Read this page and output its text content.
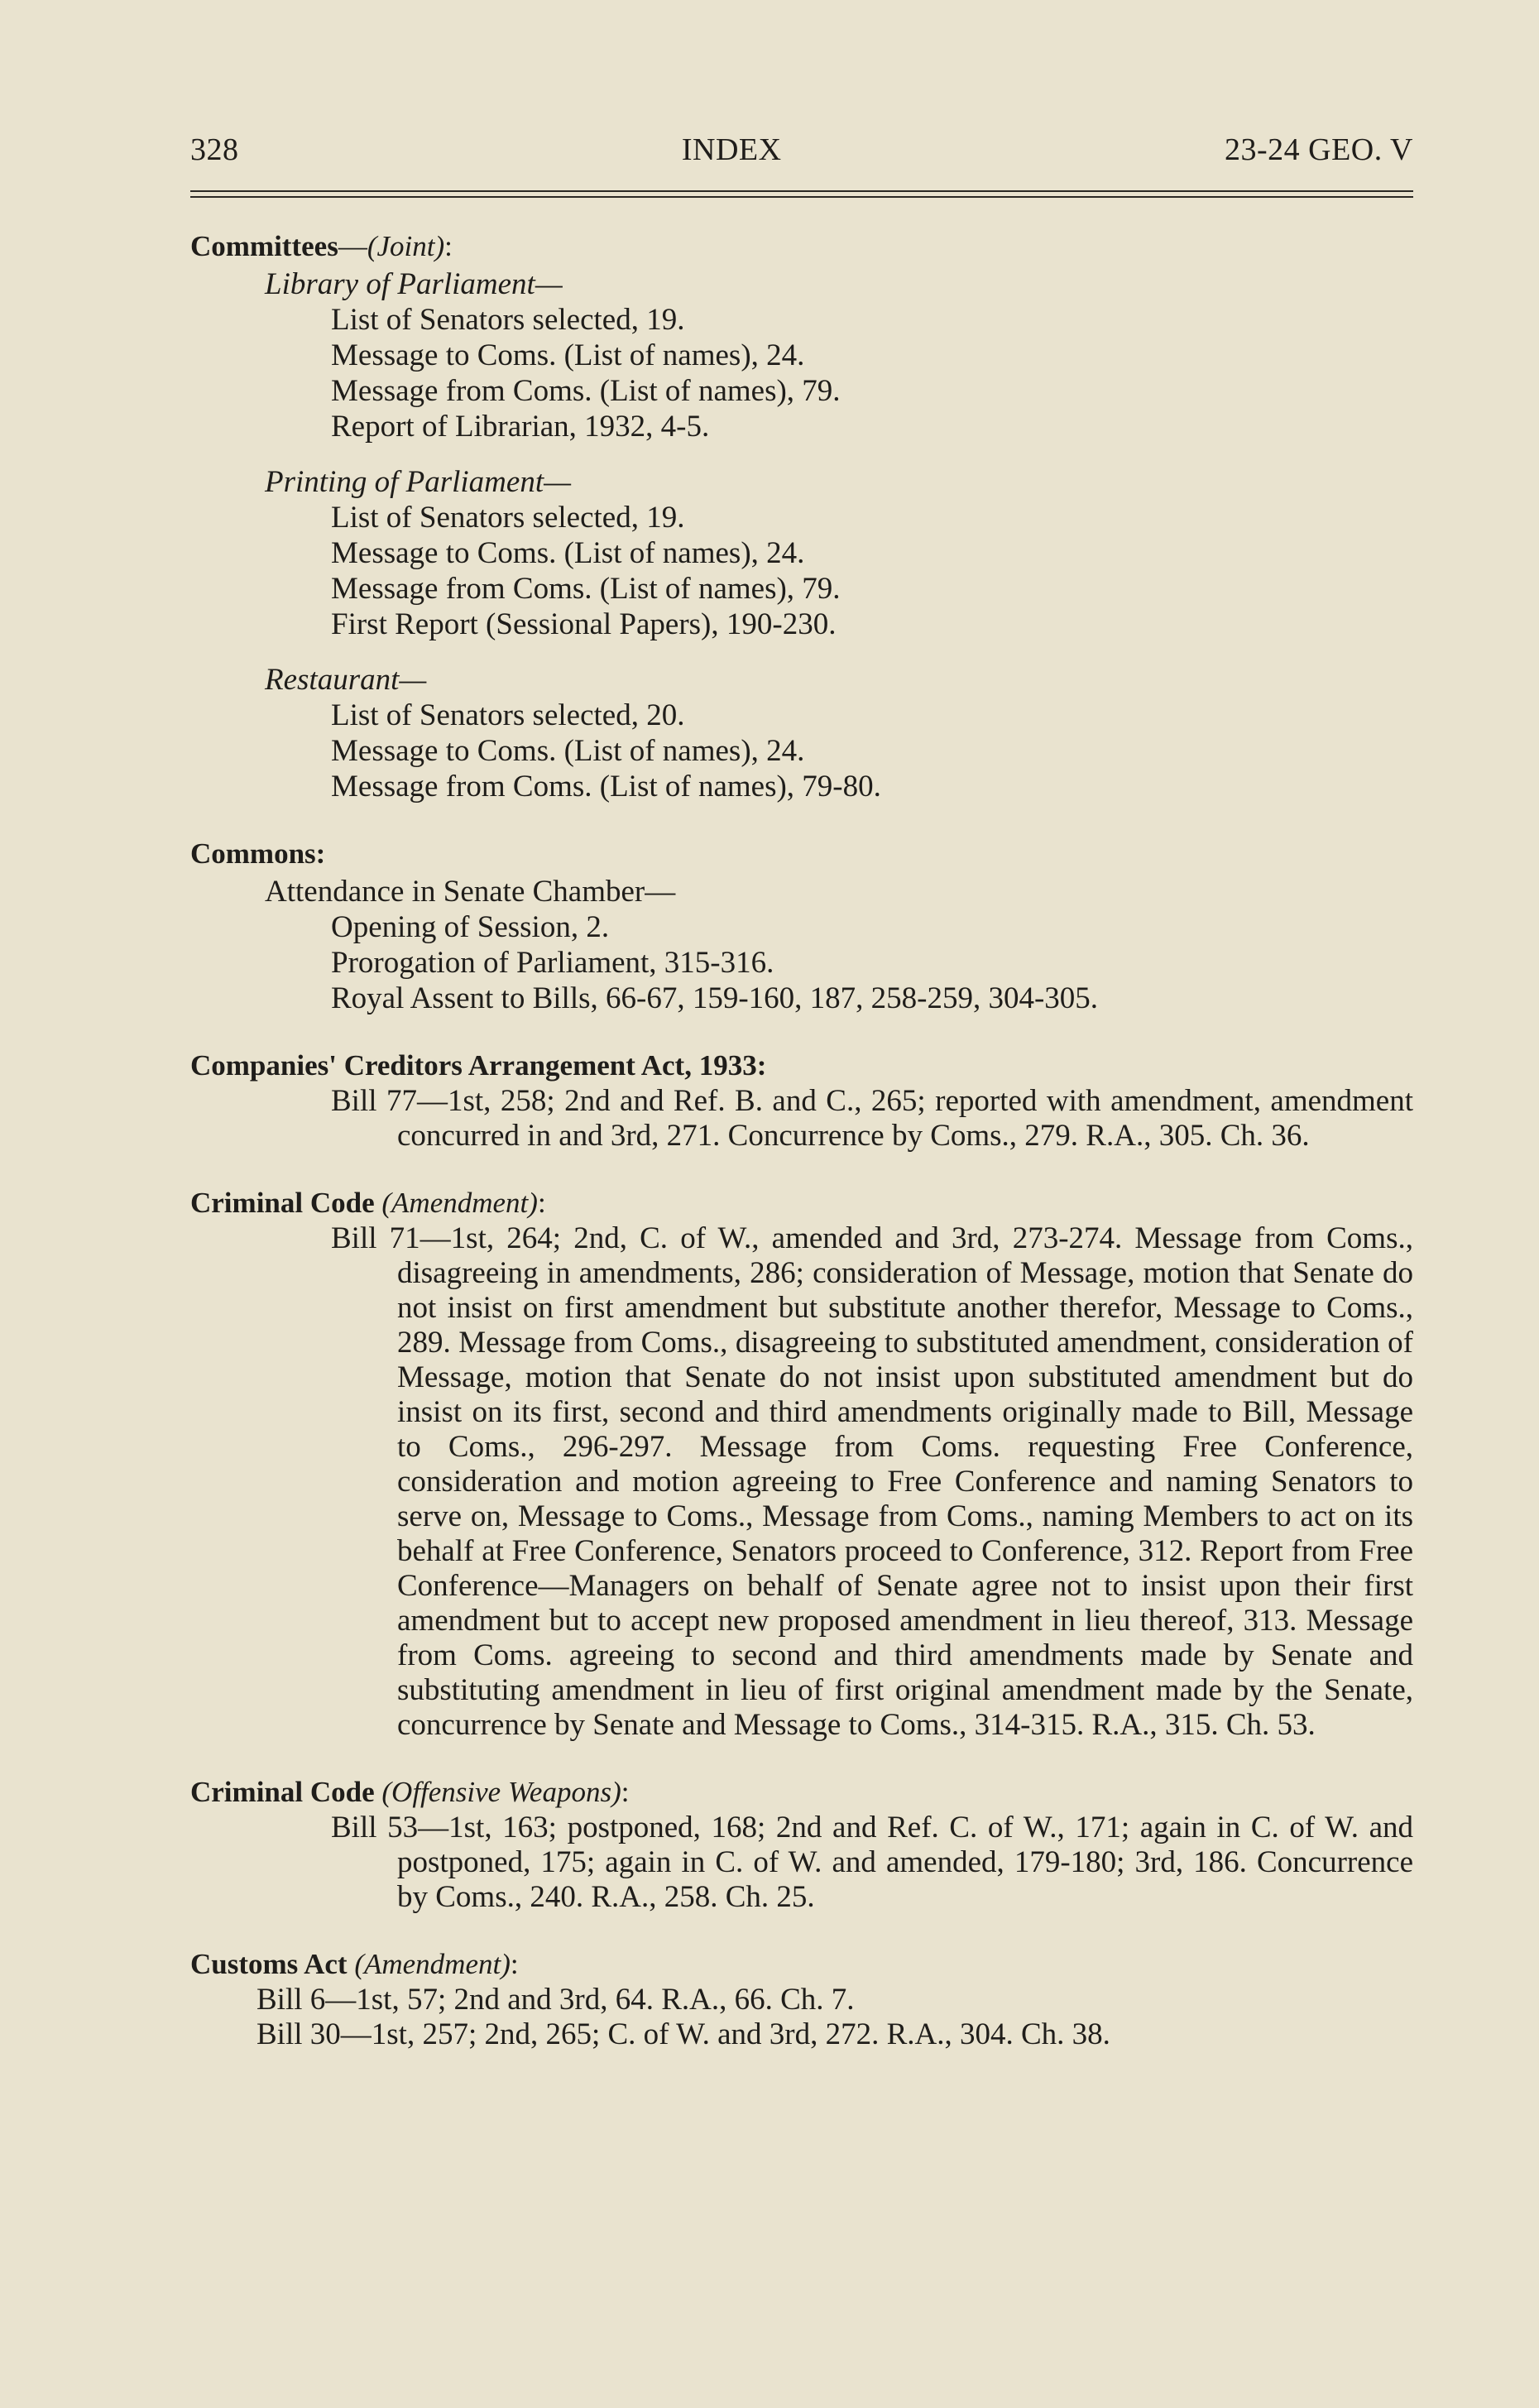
328	INDEX	23-24 GEO. V
Committees—(Joint):
Library of Parliament—
List of Senators selected, 19.
Message to Coms. (List of names), 24.
Message from Coms. (List of names), 79.
Report of Librarian, 1932, 4-5.
Printing of Parliament—
List of Senators selected, 19.
Message to Coms. (List of names), 24.
Message from Coms. (List of names), 79.
First Report (Sessional Papers), 190-230.
Restaurant—
List of Senators selected, 20.
Message to Coms. (List of names), 24.
Message from Coms. (List of names), 79-80.
Commons:
Attendance in Senate Chamber—
Opening of Session, 2.
Prorogation of Parliament, 315-316.
Royal Assent to Bills, 66-67, 159-160, 187, 258-259, 304-305.
Companies' Creditors Arrangement Act, 1933:
Bill 77—1st, 258; 2nd and Ref. B. and C., 265; reported with amendment, amendment concurred in and 3rd, 271. Concurrence by Coms., 279. R.A., 305. Ch. 36.
Criminal Code (Amendment):
Bill 71—1st, 264; 2nd, C. of W., amended and 3rd, 273-274. Message from Coms., disagreeing in amendments, 286; consideration of Message, motion that Senate do not insist on first amendment but substitute another therefor, Message to Coms., 289. Message from Coms., disagreeing to substituted amendment, consideration of Message, motion that Senate do not insist upon substituted amendment but do insist on its first, second and third amendments originally made to Bill, Message to Coms., 296-297. Message from Coms. requesting Free Conference, consideration and motion agreeing to Free Conference and naming Senators to serve on, Message to Coms., Message from Coms., naming Members to act on its behalf at Free Conference, Senators proceed to Conference, 312. Report from Free Conference—Managers on behalf of Senate agree not to insist upon their first amendment but to accept new proposed amendment in lieu thereof, 313. Message from Coms. agreeing to second and third amendments made by Senate and substituting amendment in lieu of first original amendment made by the Senate, concurrence by Senate and Message to Coms., 314-315. R.A., 315. Ch. 53.
Criminal Code (Offensive Weapons):
Bill 53—1st, 163; postponed, 168; 2nd and Ref. C. of W., 171; again in C. of W. and postponed, 175; again in C. of W. and amended, 179-180; 3rd, 186. Concurrence by Coms., 240. R.A., 258. Ch. 25.
Customs Act (Amendment):
Bill 6—1st, 57; 2nd and 3rd, 64. R.A., 66. Ch. 7.
Bill 30—1st, 257; 2nd, 265; C. of W. and 3rd, 272. R.A., 304. Ch. 38.
